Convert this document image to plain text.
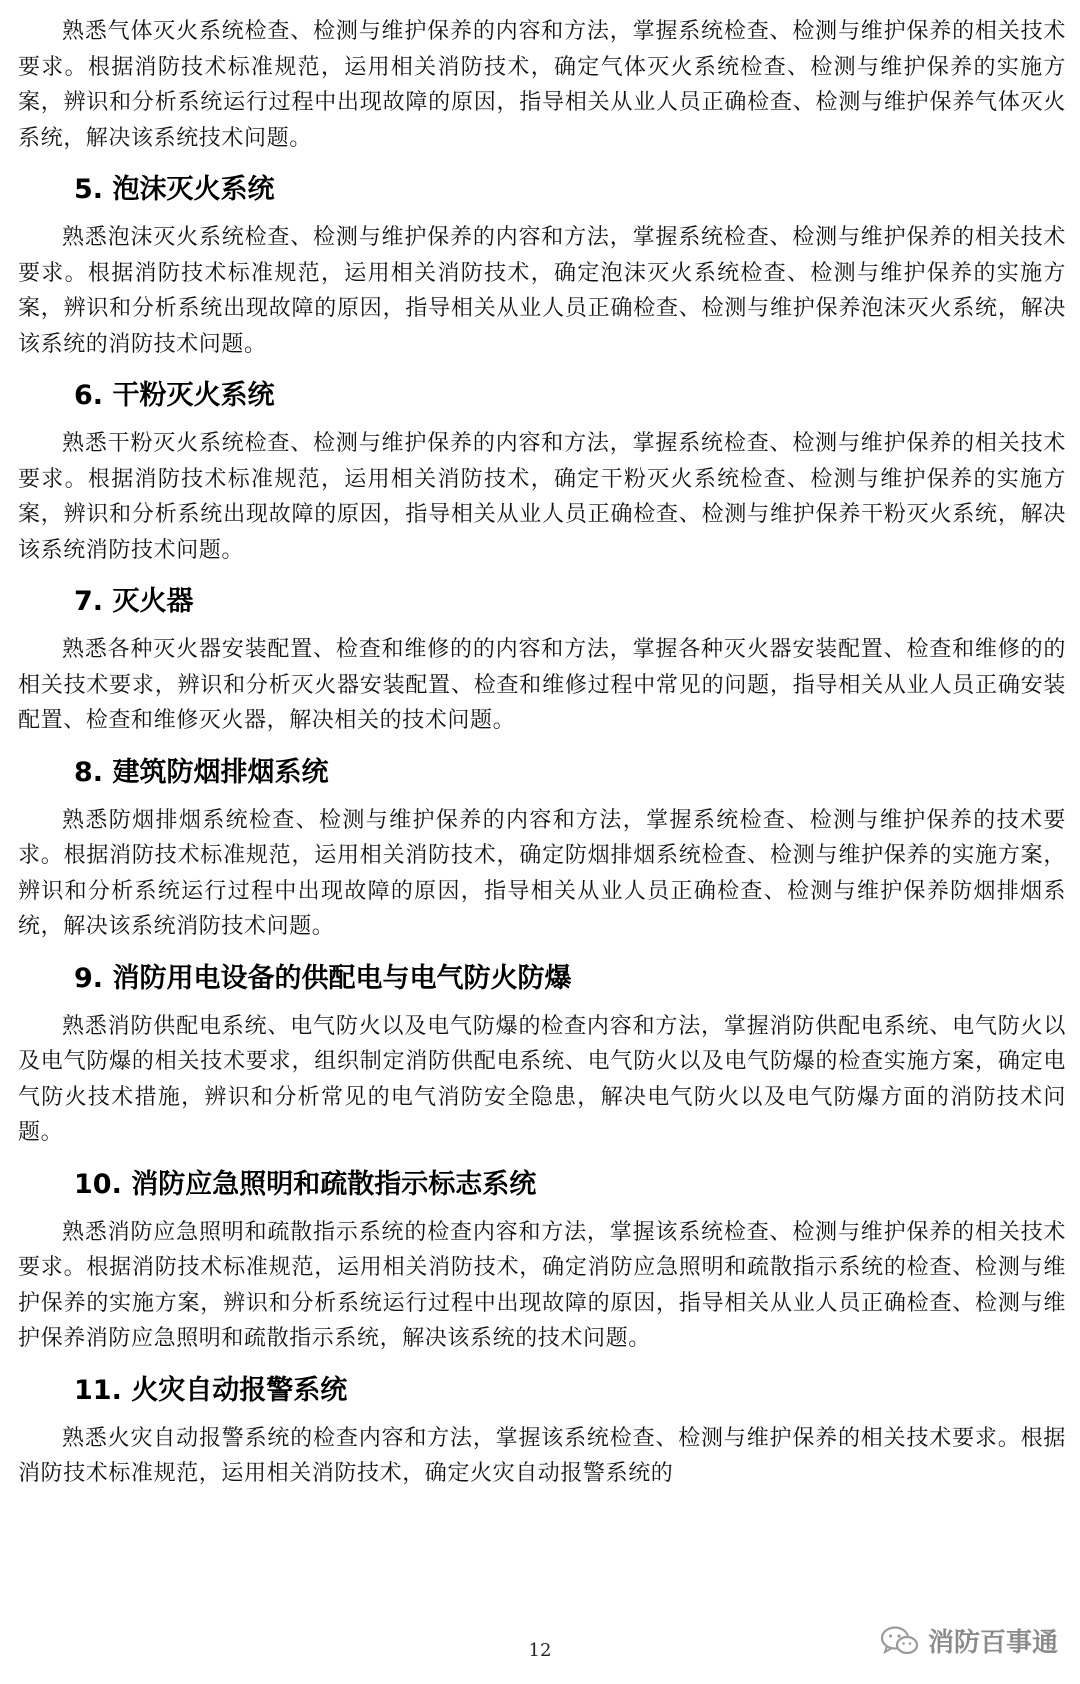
熟悉气体灭火系统检查、检测与维护保养的内容和方法，掌握系统检查、检测与维护保养的相关技术要求。根据消防技术标准规范，运用相关消防技术，确定气体灭火系统检查、检测与维护保养的实施方案，辨识和分析系统运行过程中出现故障的原因，指导相关从业人员正确检查、检测与维护保养气体灭火系统，解决该系统技术问题。

5. 泡沫灭火系统

熟悉泡沫灭火系统检查、检测与维护保养的内容和方法，掌握系统检查、检测与维护保养的相关技术要求。根据消防技术标准规范，运用相关消防技术，确定泡沫灭火系统检查、检测与维护保养的实施方案，辨识和分析系统出现故障的原因，指导相关从业人员正确检查、检测与维护保养泡沫灭火系统，解决该系统的消防技术问题。

6. 干粉灭火系统

熟悉干粉灭火系统检查、检测与维护保养的内容和方法，掌握系统检查、检测与维护保养的相关技术要求。根据消防技术标准规范，运用相关消防技术，确定干粉灭火系统检查、检测与维护保养的实施方案，辨识和分析系统出现故障的原因，指导相关从业人员正确检查、检测与维护保养干粉灭火系统，解决该系统消防技术问题。

7. 灭火器

熟悉各种灭火器安装配置、检查和维修的的内容和方法，掌握各种灭火器安装配置、检查和维修的的相关技术要求，辨识和分析灭火器安装配置、检查和维修过程中常见的问题，指导相关从业人员正确安装配置、检查和维修灭火器，解决相关的技术问题。

8. 建筑防烟排烟系统

熟悉防烟排烟系统检查、检测与维护保养的内容和方法，掌握系统检查、检测与维护保养的技术要求。根据消防技术标准规范，运用相关消防技术，确定防烟排烟系统检查、检测与维护保养的实施方案，辨识和分析系统运行过程中出现故障的原因，指导相关从业人员正确检查、检测与维护保养防烟排烟系统，解决该系统消防技术问题。

9. 消防用电设备的供配电与电气防火防爆

熟悉消防供配电系统、电气防火以及电气防爆的检查内容和方法，掌握消防供配电系统、电气防火以及电气防爆的相关技术要求，组织制定消防供配电系统、电气防火以及电气防爆的检查实施方案，确定电气防火技术措施，辨识和分析常见的电气消防安全隐患，解决电气防火以及电气防爆方面的消防技术问题。

10. 消防应急照明和疏散指示标志系统

熟悉消防应急照明和疏散指示系统的检查内容和方法，掌握该系统检查、检测与维护保养的相关技术要求。根据消防技术标准规范，运用相关消防技术，确定消防应急照明和疏散指示系统的检查、检测与维护保养的实施方案，辨识和分析系统运行过程中出现故障的原因，指导相关从业人员正确检查、检测与维护保养消防应急照明和疏散指示系统，解决该系统的技术问题。

11. 火灾自动报警系统

熟悉火灾自动报警系统的检查内容和方法，掌握该系统检查、检测与维护保养的相关技术要求。根据消防技术标准规范，运用相关消防技术，确定火灾自动报警系统的

12	消防百事通
